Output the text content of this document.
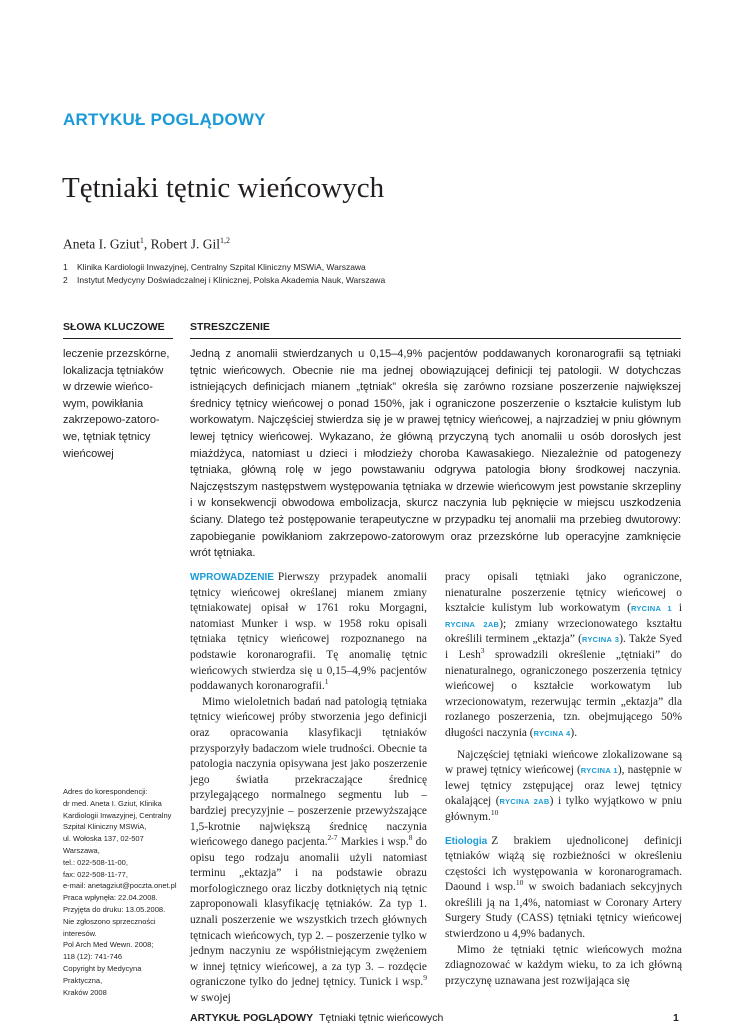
ARTYKUŁ POGLĄDOWY
Tętniaki tętnic wieńcowych
Aneta I. Gziut$^1$, Robert J. Gil$^{1,2}$
1 Klinika Kardiologii Inwazyjnej, Centralny Szpital Kliniczny MSWiA, Warszawa
2 Instytut Medycyny Doświadczalnej i Klinicznej, Polska Akademia Nauk, Warszawa
SŁOWA KLUCZOWE STRESZCZENIE
leczenie przezskórne,
lokalizacja tętniaków
w drzewie wieńco-
wym, powikłania
zakrzepowo-zatoro-
we, tętniak tętnicy
wieńcowej
Jedną z anomalii stwierdzanych u 0,15–4,9% pacjentów poddawanych koronarografii są tętniaki tętnic wieńcowych. Obecnie nie ma jednej obowiązującej definicji tej patologii. W dotychczas istniejących definicjach mianem „tętniak” określa się zarówno rozsiane poszerzenie największej średnicy tętnicy wieńcowej o ponad 150%, jak i ograniczone poszerzenie o kształcie kulistym lub workowatym. Najczęściej stwierdza się je w prawej tętnicy wieńcowej, a najrzadziej w pniu głównym lewej tętnicy wieńcowej. Wykazano, że główną przyczyną tych anomalii u osób dorosłych jest miażdżyca, natomiast u dzieci i młodzieży choroba Kawasakiego. Niezależnie od patogenezy tętniaka, główną rolę w jego powstawaniu odgrywa patologia błony środkowej naczynia. Najczęstszym następstwem występowania tętniaka w drzewie wieńcowym jest powstanie skrzepliny i w konsekwencji obwodowa embolizacja, skurcz naczynia lub pęknięcie w miejscu uszkodzenia ściany. Dlatego też postępowanie terapeutyczne w przypadku tej anomalii ma przebieg dwutorowy: zapobieganie powikłaniom zakrzepowo-zatorowym oraz przezskórne lub operacyjne zamknięcie wrót tętniaka.

WPROWADZENIE Pierwszy przypadek anomalii tętnicy wieńcowej określanej mianem zmiany tętniakowatej opisał w 1761 roku Morgagni, natomiast Munker i wsp. w 1958 roku opisali tętniaka tętnicy wieńcowej rozpoznanego na podstawie koronarografii. Tę anomalię tętnic wieńcowych stwierdza się u 0,15–4,9% pacjentów poddawanych koronarografii.$^1$

Mimo wieloletnich badań nad patologią tętniaka tętnicy wieńcowej próby stworzenia jego definicji oraz opracowania klasyfikacji tętniaków przysporzyły badaczom wiele trudności. Obecnie ta patologia naczynia opisywana jest jako poszerzenie jego światła przekraczające średnicę przylegającego normalnego segmentu lub – bardziej precyzyjnie – poszerzenie przewyższające 1,5-krotnie największą średnicę naczynia wieńcowego danego pacjenta.$^{2-7}$ Markies i wsp.$^8$ do opisu tego rodzaju anomalii użyli natomiast terminu „ektazja” i na podstawie obrazu morfologicznego oraz liczby dotkniętych nią tętnic zaproponowali klasyfikację tętniaków. Za typ 1. uznali poszerzenie we wszystkich trzech głównych tętnicach wieńcowych, typ 2. – poszerzenie tylko w jednym naczyniu ze współistniejącym zwężeniem w innej tętnicy wieńcowej, a za typ 3. – rozdęcie ograniczone tylko do jednej tętnicy. Tunick i wsp.$^9$ w swojej

pracy opisali tętniaki jako ograniczone, nienaturalne poszerzenie tętnicy wieńcowej o kształcie kulistym lub workowatym (RYCINA 1 i RYCINA 2AB); zmiany wrzecionowatego kształtu określili terminem „ektazja” (RYCINA 3). Także Syed i Lesh$^3$ sprowadzili określenie „tętniaki” do nienaturalnego, ograniczonego poszerzenia tętnicy wieńcowej o kształcie workowatym lub wrzecionowatym, rezerwując termin „ektazja” dla rozlanego poszerzenia, tzn. obejmującego 50% długości naczynia (RYCINA 4).

Najczęściej tętniaki wieńcowe zlokalizowane są w prawej tętnicy wieńcowej (RYCINA 1), następnie w lewej tętnicy zstępującej oraz lewej tętnicy okalającej (RYCINA 2AB) i tylko wyjątkowo w pniu głównym.$^{10}$

Etiologia Z brakiem ujednoliconej definicji tętniaków wiążą się rozbieżności w określeniu częstości ich występowania w koronarogramach. Daound i wsp.$^{10}$ w swoich badaniach sekcyjnych określili ją na 1,4%, natomiast w Coronary Artery Surgery Study (CASS) tętniaki tętnicy wieńcowej stwierdzono u 4,9% badanych.

Mimo że tętniaki tętnic wieńcowych można zdiagnozować w każdym wieku, to za ich główną przyczynę uznawana jest rozwijająca się

Adres do korespondencji:
dr med. Aneta I. Gziut, Klinika
Kardiologii Inwazyjnej, Centralny
Szpital Kliniczny MSWiA,
ul. Wołoska 137, 02-507 Warszawa,
tel.: 022-508-11-00,
fax: 022-508-11-77,
e-mail: anetagziut@poczta.onet.pl
Praca wpłynęła: 22.04.2008.
Przyjęta do druku: 13.05.2008.
Nie zgłoszono sprzeczności
interesów.
Pol Arch Med Wewn. 2008;
118 (12): 741-746
Copyright by Medycyna Praktyczna,
Kraków 2008
ARTYKUŁ POGLĄDOWY Tętniaki tętnic wieńcowych	1
